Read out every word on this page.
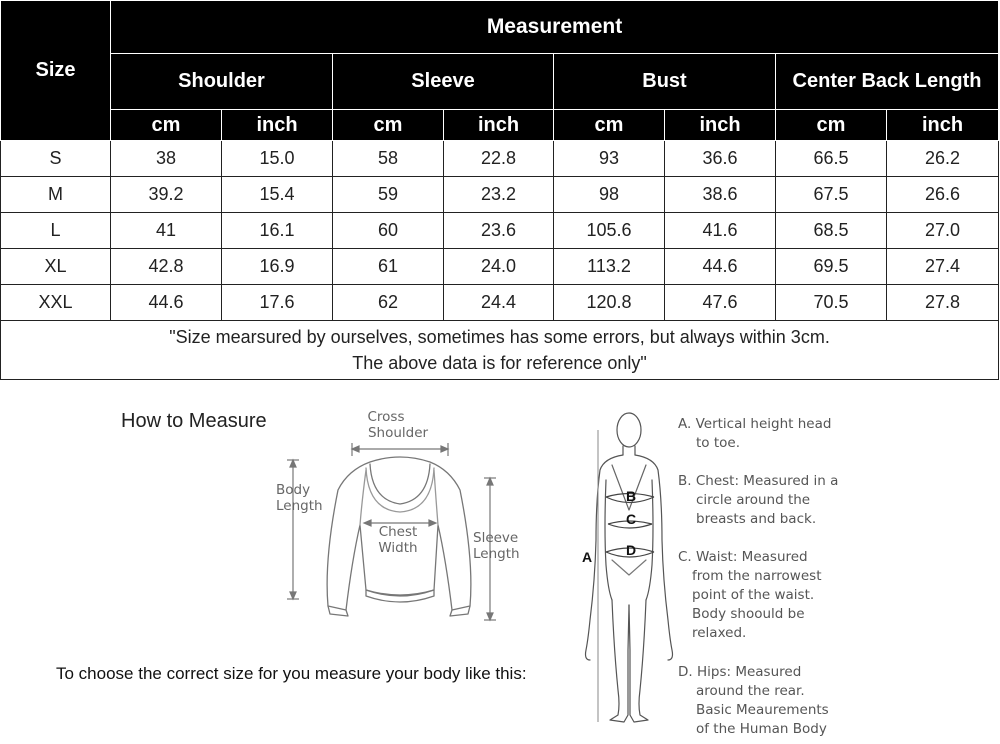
Size	Measurement							
	Shoulder		Sleeve		Bust		Center Back Length	
	cm	inch	cm	inch	cm	inch	cm	inch
S	38	15.0	58	22.8	93	36.6	66.5	26.2
M	39.2	15.4	59	23.2	98	38.6	67.5	26.6
L	41	16.1	60	23.6	105.6	41.6	68.5	27.0
XL	42.8	16.9	61	24.0	113.2	44.6	69.5	27.4
XXL	44.6	17.6	62	24.4	120.8	47.6	70.5	27.8

"Size mearsured by ourselves, sometimes has some errors, but always within 3cm.
The above data is for reference only"								
How to Measure
To choose the correct size for you measure your body like this:
Cross
Shoulder
Body
Length
Chest
Width
Sleeve
Length	A
B
C
D
A. Vertical height head
to toe.
B. Chest: Measured in a
circle around the
breasts and back.
C. Waist: Measured
from the narrowest
point of the waist.
Body shoould be
relaxed.
D. Hips: Measured
around the rear.
Basic Meaurements
of the Human Body
